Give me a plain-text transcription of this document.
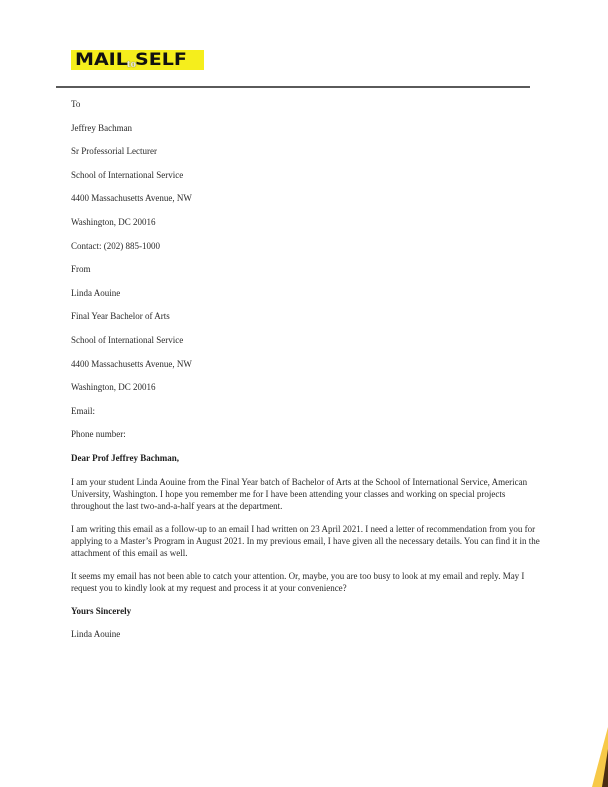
MAILtoSELF
To
Jeffrey Bachman
Sr Professorial Lecturer
School of International Service
4400 Massachusetts Avenue, NW
Washington, DC 20016
Contact: (202) 885-1000
From
Linda Aouine
Final Year Bachelor of Arts
School of International Service
4400 Massachusetts Avenue, NW
Washington, DC 20016
Email:
Phone number:
Dear Prof Jeffrey Bachman,

I am your student Linda Aouine from the Final Year batch of Bachelor of Arts at the School of International Service, American University, Washington. I hope you remember me for I have been attending your classes and working on special projects throughout the last two-and-a-half years at the department.

I am writing this email as a follow-up to an email I had written on 23 April 2021. I need a letter of recommendation from you for applying to a Master’s Program in August 2021. In my previous email, I have given all the necessary details. You can find it in the attachment of this email as well.

It seems my email has not been able to catch your attention. Or, maybe, you are too busy to look at my email and reply. May I request you to kindly look at my request and process it at your convenience?

Yours Sincerely
Linda Aouine
